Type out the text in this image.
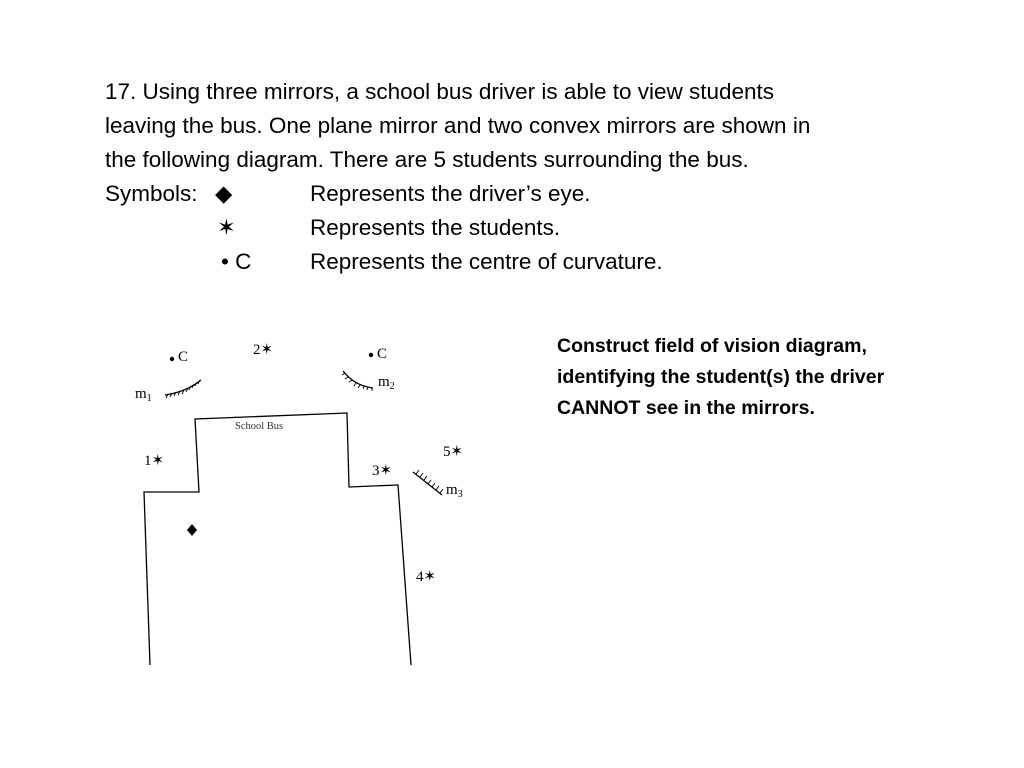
17. Using three mirrors, a school bus driver is able to view students
leaving the bus. One plane mirror and two convex mirrors are shown in
the following diagram. There are 5 students surrounding the bus.
Symbols: ◆	Represents the driver’s eye.
✶	Represents the students.
• C	Represents the centre of curvature.
Construct field of vision diagram,
identifying the student(s) the driver
CANNOT see in the mirrors.
School Bus
C	C
$m_1$
$m_2$
$m_3$
2✶
1✶
3✶
5✶
4✶
